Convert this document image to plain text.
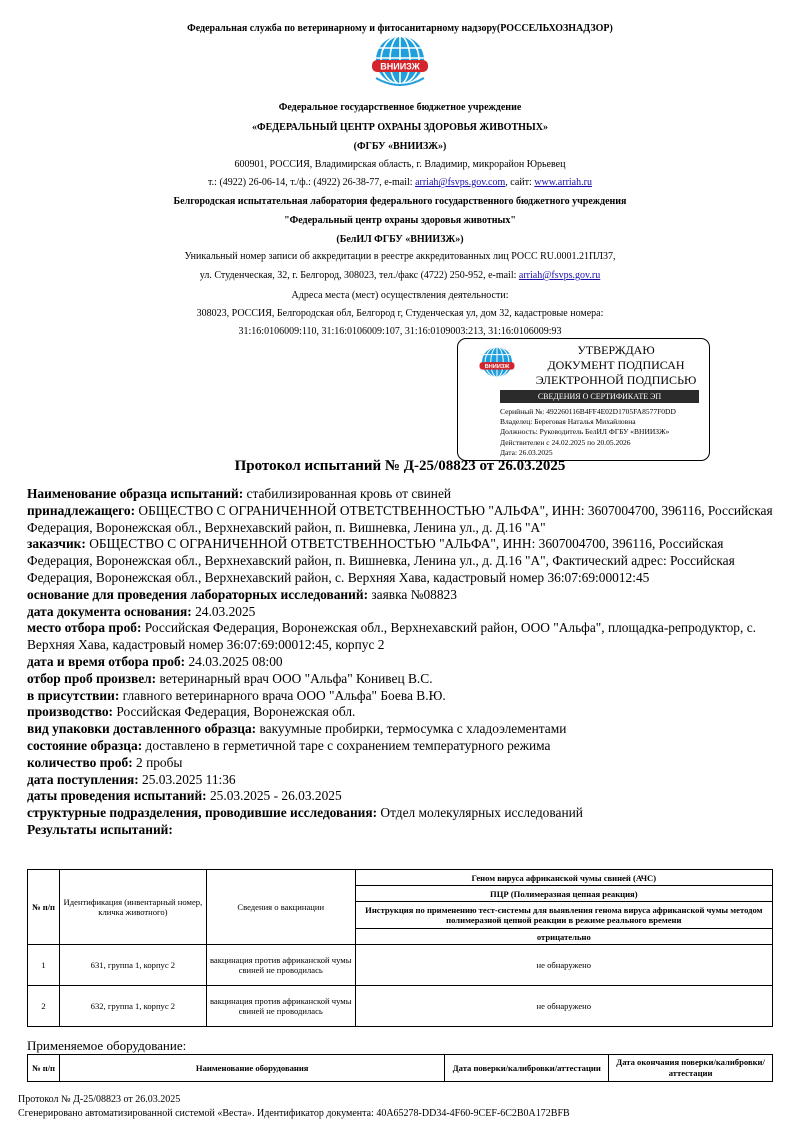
Федеральная служба по ветеринарному и фитосанитарному надзору(РОССЕЛЬХОЗНАДЗОР)
ВНИИЗЖ
Федеральное государственное бюджетное учреждение
«ФЕДЕРАЛЬНЫЙ ЦЕНТР ОХРАНЫ ЗДОРОВЬЯ ЖИВОТНЫХ»
(ФГБУ «ВНИИЗЖ»)
600901, РОССИЯ, Владимирская область, г. Владимир, микрорайон Юрьевец
т.: (4922) 26-06-14, т./ф.: (4922) 26-38-77, e-mail: arriah@fsvps.gov.com, сайт: www.arriah.ru
Белгородская испытательная лаборатория федерального государственного бюджетного учреждения
"Федеральный центр охраны здоровья животных"
(БелИЛ ФГБУ «ВНИИЗЖ»)
Уникальный номер записи об аккредитации в реестре аккредитованных лиц РОСС RU.0001.21ПЛ37,
ул. Студенческая, 32, г. Белгород, 308023, тел./факс (4722) 250-952, e-mail: arriah@fsvps.gov.ru
Адреса места (мест) осуществления деятельности:
308023, РОССИЯ, Белгородская обл, Белгород г, Студенческая ул, дом 32, кадастровые номера:
31:16:0106009:110, 31:16:0106009:107, 31:16:0109003:213, 31:16:0106009:93
ВНИИЗЖ
УТВЕРЖДАЮ
ДОКУМЕНТ ПОДПИСАН
ЭЛЕКТРОННОЙ ПОДПИСЬЮ
СВЕДЕНИЯ О СЕРТИФИКАТЕ ЭП
Серийный №: 492260116B4FF4E02D1705FA8577F0DD
Владелец: Береговая Наталья Михайловна
Должность: Руководитель БелИЛ ФГБУ «ВНИИЗЖ»
Действителен с 24.02.2025 по 20.05.2026
Дата: 26.03.2025
Протокол испытаний № Д-25/08823 от 26.03.2025

Наименование образца испытаний: стабилизированная кровь от свиней

принадлежащего: ОБЩЕСТВО С ОГРАНИЧЕННОЙ ОТВЕТСТВЕННОСТЬЮ "АЛЬФА", ИНН: 3607004700, 396116, Российская Федерация, Воронежская обл., Верхнехавский район, п. Вишневка, Ленина ул., д. Д.16 "А"

заказчик: ОБЩЕСТВО С ОГРАНИЧЕННОЙ ОТВЕТСТВЕННОСТЬЮ "АЛЬФА", ИНН: 3607004700, 396116, Российская Федерация, Воронежская обл., Верхнехавский район, п. Вишневка, Ленина ул., д. Д.16 "А", Фактический адрес: Российская Федерация, Воронежская обл., Верхнехавский район, с. Верхняя Хава, кадастровый номер 36:07:69:00012:45

основание для проведения лабораторных исследований: заявка №08823

дата документа основания: 24.03.2025

место отбора проб: Российская Федерация, Воронежская обл., Верхнехавский район, ООО "Альфа", площадка-репродуктор, с. Верхняя Хава, кадастровый номер 36:07:69:00012:45, корпус 2

дата и время отбора проб: 24.03.2025 08:00

отбор проб произвел: ветеринарный врач ООО "Альфа" Конивец В.С.

в присутствии: главного ветеринарного врача ООО "Альфа" Боева В.Ю.

производство: Российская Федерация, Воронежская обл.

вид упаковки доставленного образца: вакуумные пробирки, термосумка с хладоэлементами

состояние образца: доставлено в герметичной таре с сохранением температурного режима

количество проб: 2 пробы

дата поступления: 25.03.2025 11:36

даты проведения испытаний: 25.03.2025 - 26.03.2025

структурные подразделения, проводившие исследования: Отдел молекулярных исследований

Результаты испытаний:

№ п/п	Идентификация (инвентарный номер, кличка животного)	Сведения о вакцинации	Геном вируса африканской чумы свиней (АЧС)
			ПЦР (Полимеразная цепная реакция)
			Инструкция по применению тест-системы для выявления генома вируса африканской чумы методом полимеразной цепной реакции в режиме реального времени
			отрицательно
1	631, группа 1, корпус 2	вакцинация против африканской чумы свиней не проводилась	не обнаружено
2	632, группа 1, корпус 2	вакцинация против африканской чумы свиней не проводилась	не обнаружено
Применяемое оборудование:
№ п/п	Наименование оборудования	Дата поверки/калибровки/аттестации	Дата окончания поверки/калибровки/аттестации
Протокол № Д-25/08823 от 26.03.2025
Сгенерировано автоматизированной системой «Веста». Идентификатор документа: 40A65278-DD34-4F60-9CEF-6C2B0A172BFB
